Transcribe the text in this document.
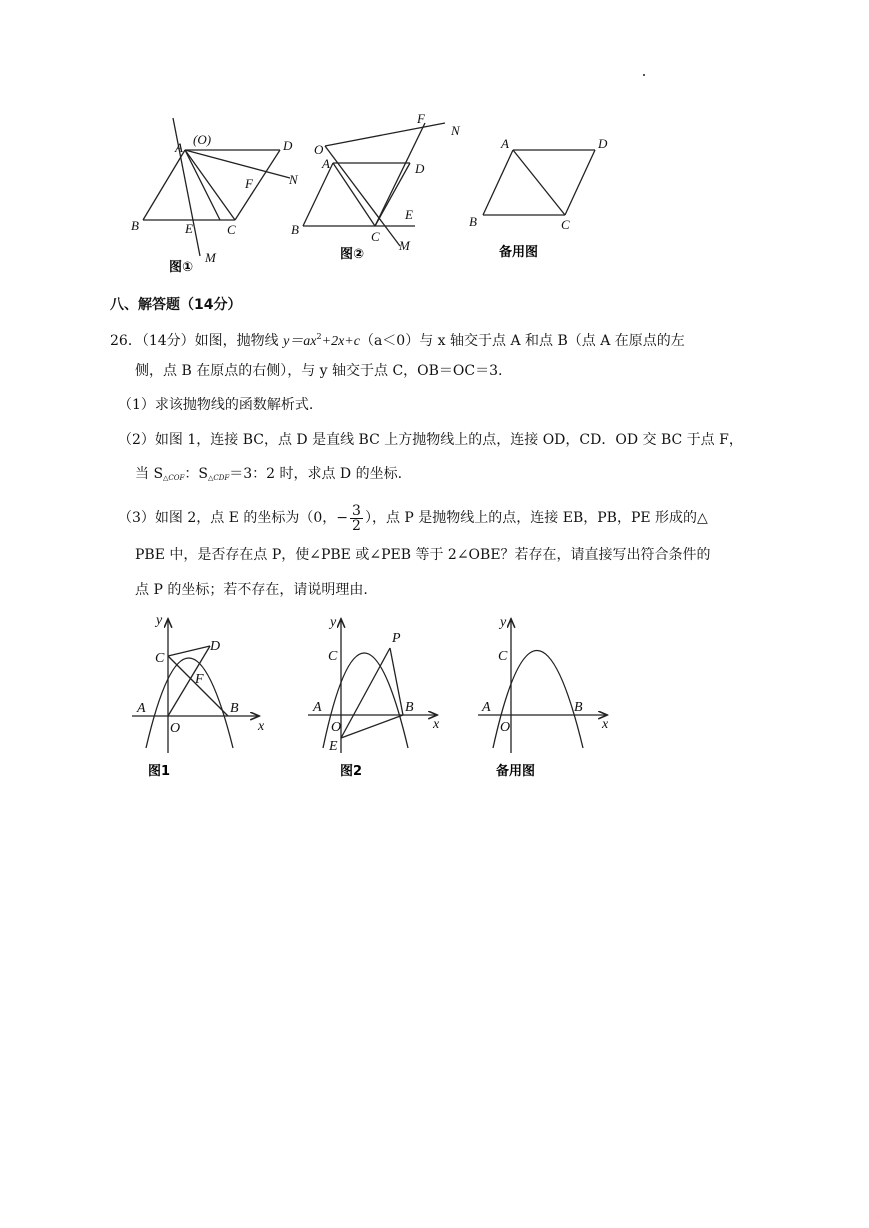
A
(O)	D
B	E	C
F	N
M
图①
O
A	D
B	C
E
F
N
M
图②
A	D
B	C
备用图
八、解答题（14分）
26．（14分）如图，抛物线 $y=ax^2+2x+c(a<0)$与 x 轴交于点 A 和点 B（点 A 在原点的左
侧，点 B 在原点的右侧），与 y 轴交于点 C，OB＝OC＝3.
（1）求该抛物线的函数解析式.
（2）如图 1，连接 BC，点 D 是直线 BC 上方抛物线上的点，连接 OD，CD．OD 交 BC 于点 F，
当 $S_{\triangle COF}$：$S_{\triangle CDF}=3$：2 时，求点 D 的坐标.
（3）如图 2，点 E 的坐标为（0，− $\frac{3}{2}$ ），点 P 是抛物线上的点，连接 EB，PB，PE 形成的△
PBE 中，是否存在点 P，使∠PBE 或∠PEB 等于 2∠OBE？若存在，请直接写出符合条件的
点 P 的坐标；若不存在，请说明理由.
y
x
C
D
F
A
O
B
图1
y
x
C
P
A
O
B
E
图2
y
x
C
A
O
B
备用图
